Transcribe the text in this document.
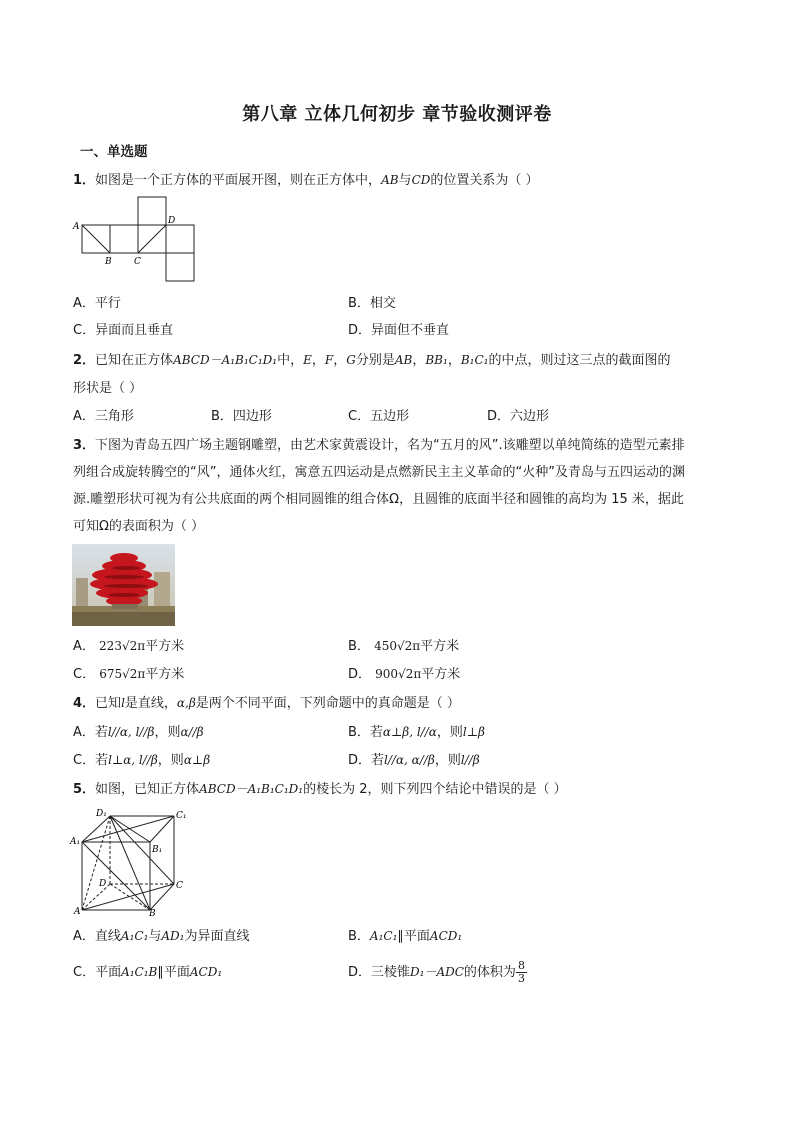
第八章 立体几何初步 章节验收测评卷
一、单选题
1．如图是一个正方体的平面展开图，则在正方体中，AB与CD的位置关系为（ ）
A
B C
D
A．平行	B．相交
C．异面而且垂直	D．异面但不垂直
2．已知在正方体ABCD－A₁B₁C₁D₁中，E，F，G分别是AB，BB₁，B₁C₁的中点，则过这三点的截面图的
形状是（ ）
A．三角形	B．四边形	C．五边形	D．六边形
3．下图为青岛五四广场主题钢雕塑，由艺术家黄震设计，名为“五月的风”.该雕塑以单纯简练的造型元素排
列组合成旋转腾空的“风”，通体火红，寓意五四运动是点燃新民主主义革命的“火种”及青岛与五四运动的渊
源.雕塑形状可视为有公共底面的两个相同圆锥的组合体Ω，且圆锥的底面半径和圆锥的高均为 15 米，据此
可知Ω的表面积为（ ）
A． 223√2π平方米	B． 450√2π平方米
C． 675√2π平方米	D． 900√2π平方米
4．已知l是直线，α,β是两个不同平面，下列命题中的真命题是（ ）
A．若l//α, l//β，则α//β	B．若α⊥β, l//α，则l⊥β
C．若l⊥α, l//β，则α⊥β	D．若l//α, α//β，则l//β
5．如图，已知正方体ABCD－A₁B₁C₁D₁的棱长为 2，则下列四个结论中错误的是（ ）
D₁	C₁
A₁
B₁
D	C
A	B
A．直线A₁C₁与AD₁为异面直线	B．A₁C₁∥平面ACD₁
C．平面A₁C₁B∥平面ACD₁	D．三棱锥D₁－ADC的体积为 $\frac{8}{3}$
